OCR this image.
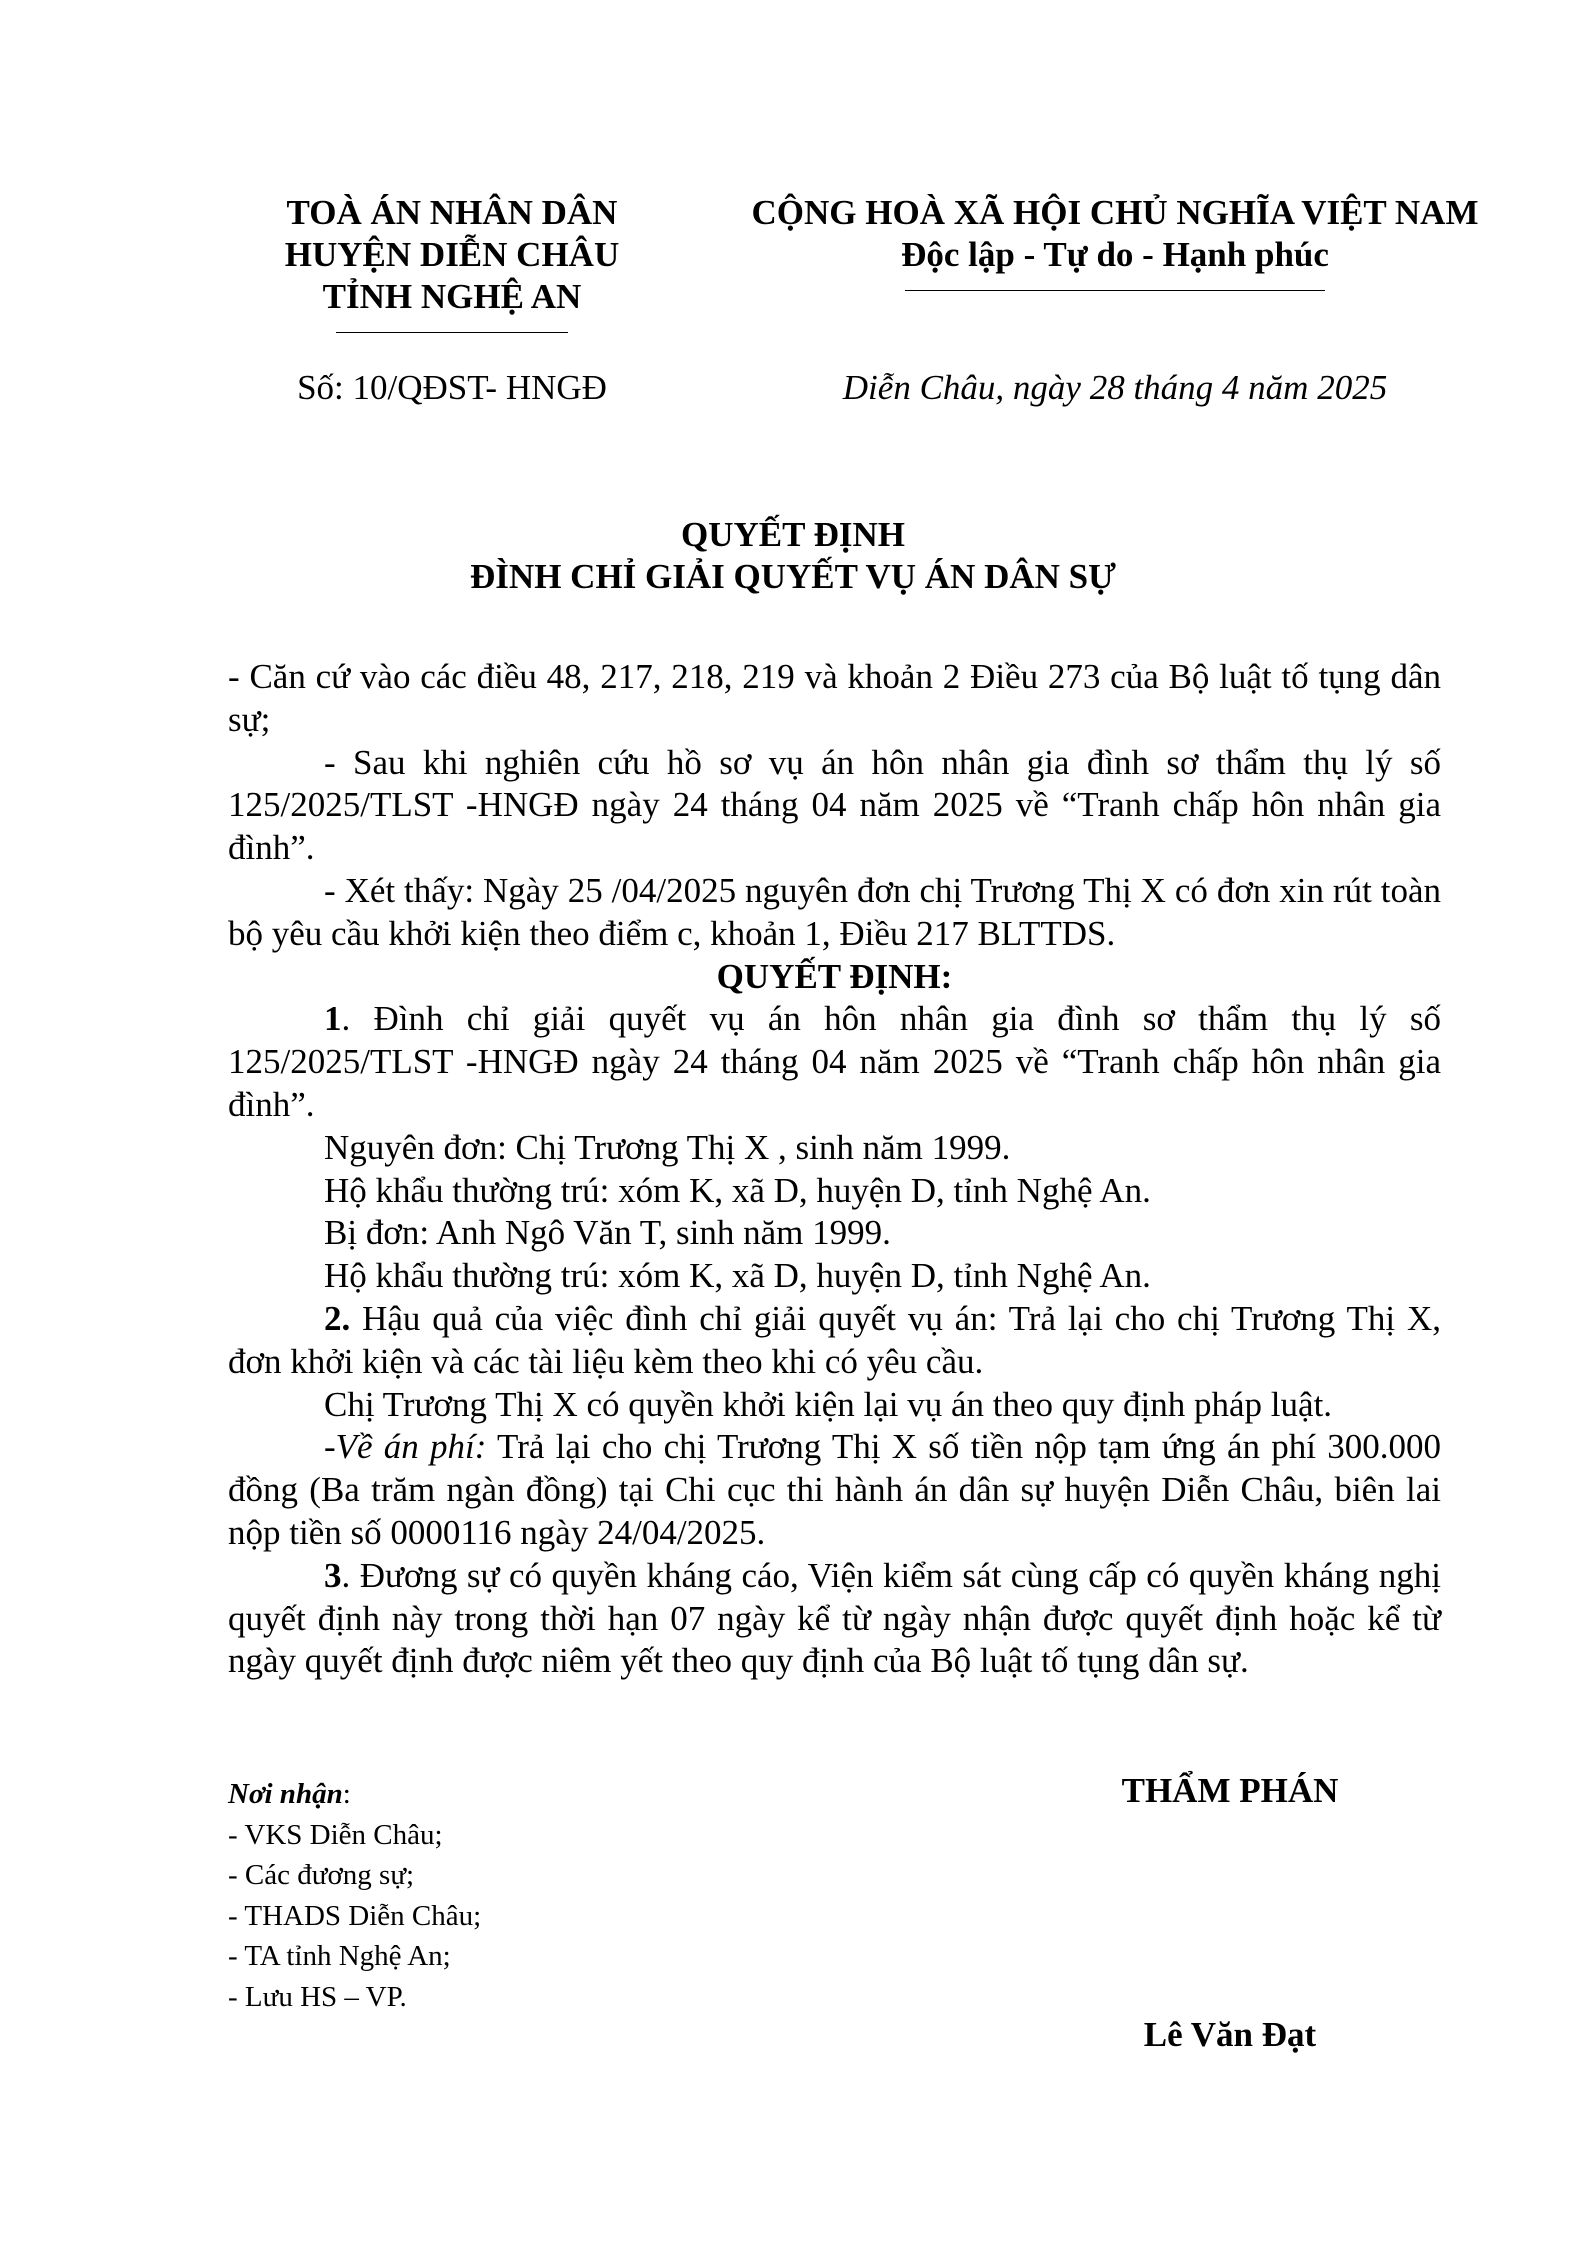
TOÀ ÁN NHÂN DÂN
HUYỆN DIỄN CHÂU
TỈNH NGHỆ AN
CỘNG HOÀ XÃ HỘI CHỦ NGHĨA VIỆT NAM
Độc lập - Tự do - Hạnh phúc
Số: 10/QĐST- HNGĐ	Diễn Châu, ngày 28 tháng 4 năm 2025
QUYẾT ĐỊNH
ĐÌNH CHỈ GIẢI QUYẾT VỤ ÁN DÂN SỰ

- Căn cứ vào các điều 48, 217, 218, 219 và khoản 2 Điều 273 của Bộ luật tố tụng dân sự;

- Sau khi nghiên cứu hồ sơ vụ án hôn nhân gia đình sơ thẩm thụ lý số 125/2025/TLST -HNGĐ ngày 24 tháng 04 năm 2025 về “Tranh chấp hôn nhân gia đình”.

- Xét thấy: Ngày 25 /04/2025 nguyên đơn chị Trương Thị X có đơn xin rút toàn bộ yêu cầu khởi kiện theo điểm c, khoản 1, Điều 217 BLTTDS.

QUYẾT ĐỊNH:

1. Đình chỉ giải quyết vụ án hôn nhân gia đình sơ thẩm thụ lý số 125/2025/TLST -HNGĐ ngày 24 tháng 04 năm 2025 về “Tranh chấp hôn nhân gia đình”.

Nguyên đơn: Chị Trương Thị X , sinh năm 1999.

Hộ khẩu thường trú: xóm K, xã D, huyện D, tỉnh Nghệ An.

Bị đơn: Anh Ngô Văn T, sinh năm 1999.

Hộ khẩu thường trú: xóm K, xã D, huyện D, tỉnh Nghệ An.

2. Hậu quả của việc đình chỉ giải quyết vụ án: Trả lại cho chị Trương Thị X, đơn khởi kiện và các tài liệu kèm theo khi có yêu cầu.

Chị Trương Thị X có quyền khởi kiện lại vụ án theo quy định pháp luật.

-Về án phí: Trả lại cho chị Trương Thị X số tiền nộp tạm ứng án phí 300.000 đồng (Ba trăm ngàn đồng) tại Chi cục thi hành án dân sự huyện Diễn Châu, biên lai nộp tiền số 0000116 ngày 24/04/2025.

3. Đương sự có quyền kháng cáo, Viện kiểm sát cùng cấp có quyền kháng nghị quyết định này trong thời hạn 07 ngày kể từ ngày nhận được quyết định hoặc kể từ ngày quyết định được niêm yết theo quy định của Bộ luật tố tụng dân sự.

Nơi nhận:
- VKS Diễn Châu;
- Các đương sự;
- THADS Diễn Châu;
- TA tỉnh Nghệ An;
- Lưu HS – VP.
THẨM PHÁN
Lê Văn Đạt
